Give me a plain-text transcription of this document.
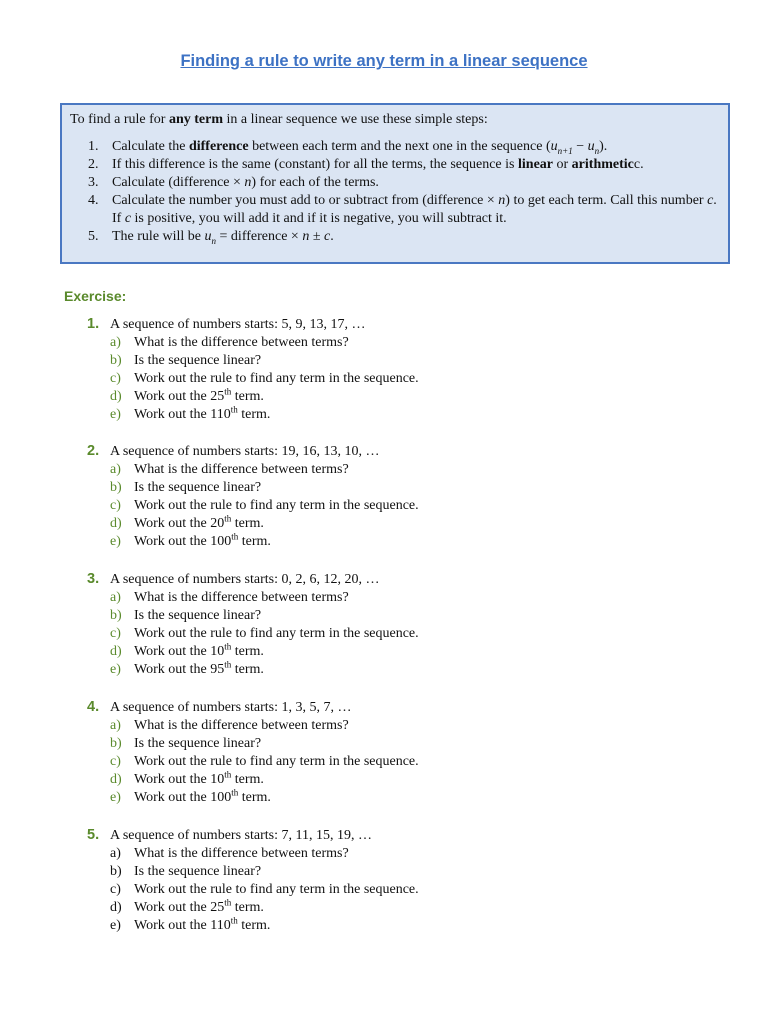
Finding a rule to write any term in a linear sequence
To find a rule for any term in a linear sequence we use these simple steps:
1. Calculate the difference between each term and the next one in the sequence $(u_{n+1} - u_n)$.
2. If this difference is the same (constant) for all the terms, the sequence is linear or arithmeticc.
3. Calculate (difference × n) for each of the terms.
4. Calculate the number you must add to or subtract from (difference × n) to get each term. Call this number c. If c is positive, you will add it and if it is negative, you will subtract it.
5. The rule will be $u_n$ = difference × n ± c.
Exercise:
1. A sequence of numbers starts: 5, 9, 13, 17, …
a) What is the difference between terms?
b) Is the sequence linear?
c) Work out the rule to find any term in the sequence.
d) Work out the 25th term.
e) Work out the 110th term.
2. A sequence of numbers starts: 19, 16, 13, 10, …
a) What is the difference between terms?
b) Is the sequence linear?
c) Work out the rule to find any term in the sequence.
d) Work out the 20th term.
e) Work out the 100th term.
3. A sequence of numbers starts: 0, 2, 6, 12, 20, …
a) What is the difference between terms?
b) Is the sequence linear?
c) Work out the rule to find any term in the sequence.
d) Work out the 10th term.
e) Work out the 95th term.
4. A sequence of numbers starts: 1, 3, 5, 7, …
a) What is the difference between terms?
b) Is the sequence linear?
c) Work out the rule to find any term in the sequence.
d) Work out the 10th term.
e) Work out the 100th term.
5. A sequence of numbers starts: 7, 11, 15, 19, …
a) What is the difference between terms?
b) Is the sequence linear?
c) Work out the rule to find any term in the sequence.
d) Work out the 25th term.
e) Work out the 110th term.
